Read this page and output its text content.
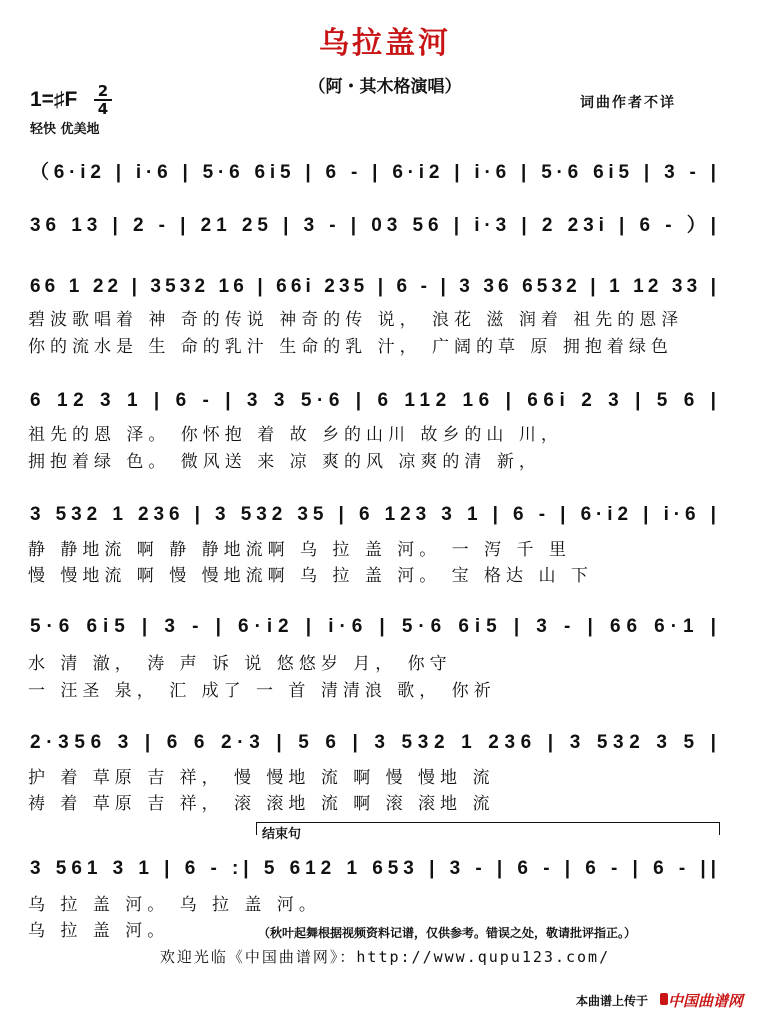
乌拉盖河
（阿・其木格演唱）
1=♯F	2
4
轻快 优美地
词曲作者不详
（6·i2 | i·6 | 5·6 6i5 | 6 - | 6·i2 | i·6 | 5·6 6i5 | 3 - |
36 13 | 2 - | 21 25 | 3 - | 03 56 | i·3 | 2 23i | 6 - ）|
66 1 22 | 3532 16 | 66i 235 | 6 - | 3 36 6532 | 1 12 33 |
6 12 3 1 | 6 - | 3 3 5·6 | 6 112 16 | 66i 2 3 | 5 6 |
3 532 1 236 | 3 532 35 | 6 123 3 1 | 6 - | 6·i2 | i·6 |
5·6 6i5 | 3 - | 6·i2 | i·6 | 5·6 6i5 | 3 - | 66 6·1 |
2·356 3 | 6 6 2·3 | 5 6 | 3 532 1 236 | 3 532 3 5 |
3 561 3 1 | 6 - :| 5 612 1 653 | 3 - | 6 - | 6 - | 6 - ||
碧波歌唱着 神 奇的传说 神奇的传 说， 浪花 滋 润着 祖先的恩泽
你的流水是 生 命的乳汁 生命的乳 汁， 广阔的草 原 拥抱着绿色
祖先的恩 泽。 你怀抱 着 故 乡的山川 故乡的山 川，
拥抱着绿 色。 微风送 来 凉 爽的风 凉爽的清 新，
静 静地流 啊 静 静地流啊 乌 拉 盖 河。 一 泻 千 里
慢 慢地流 啊 慢 慢地流啊 乌 拉 盖 河。 宝 格达 山 下
水 清 澈， 涛 声 诉 说 悠悠岁 月， 你守
一 汪圣 泉， 汇 成了 一 首 清清浪 歌， 你祈
护 着 草原 吉 祥， 慢 慢地 流 啊 慢 慢地 流
祷 着 草原 吉 祥， 滚 滚地 流 啊 滚 滚地 流
乌 拉 盖 河。 乌 拉 盖 河。
乌 拉 盖 河。
结束句
（秋叶起舞根据视频资料记谱，仅供参考。错误之处，敬请批评指正。）
欢迎光临《中国曲谱网》：http://www.qupu123.com/
本曲谱上传于 中国曲谱网
